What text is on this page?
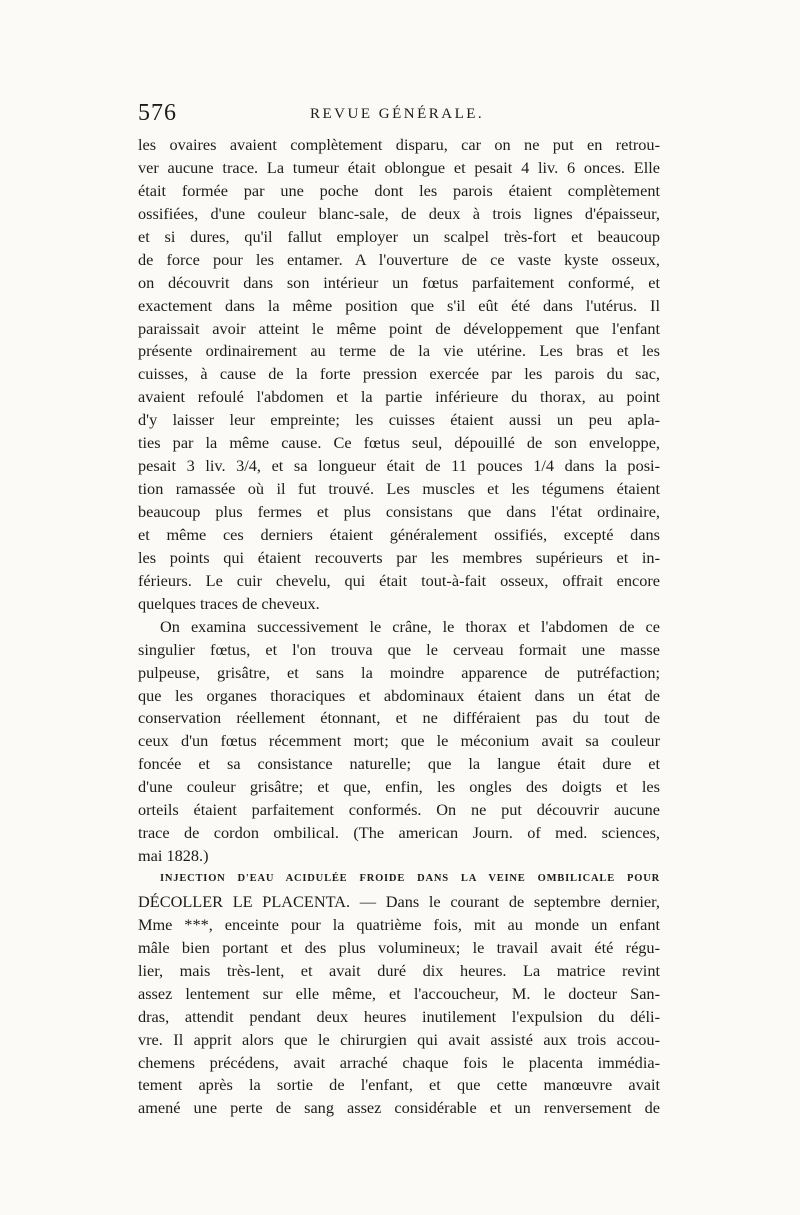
576	REVUE GÉNÉRALE.
les ovaires avaient complètement disparu, car on ne put en retrou-
ver aucune trace. La tumeur était oblongue et pesait 4 liv. 6 onces. Elle
était formée par une poche dont les parois étaient complètement
ossifiées, d'une couleur blanc-sale, de deux à trois lignes d'épaisseur,
et si dures, qu'il fallut employer un scalpel très-fort et beaucoup
de force pour les entamer. A l'ouverture de ce vaste kyste osseux,
on découvrit dans son intérieur un fœtus parfaitement conformé, et
exactement dans la même position que s'il eût été dans l'utérus. Il
paraissait avoir atteint le même point de développement que l'enfant
présente ordinairement au terme de la vie utérine. Les bras et les
cuisses, à cause de la forte pression exercée par les parois du sac,
avaient refoulé l'abdomen et la partie inférieure du thorax, au point
d'y laisser leur empreinte; les cuisses étaient aussi un peu apla-
ties par la même cause. Ce fœtus seul, dépouillé de son enveloppe,
pesait 3 liv. 3/4, et sa longueur était de 11 pouces 1/4 dans la posi-
tion ramassée où il fut trouvé. Les muscles et les tégumens étaient
beaucoup plus fermes et plus consistans que dans l'état ordinaire,
et même ces derniers étaient généralement ossifiés, excepté dans
les points qui étaient recouverts par les membres supérieurs et in-
férieurs. Le cuir chevelu, qui était tout-à-fait osseux, offrait encore
quelques traces de cheveux.
On examina successivement le crâne, le thorax et l'abdomen de ce
singulier fœtus, et l'on trouva que le cerveau formait une masse
pulpeuse, grisâtre, et sans la moindre apparence de putréfaction;
que les organes thoraciques et abdominaux étaient dans un état de
conservation réellement étonnant, et ne différaient pas du tout de
ceux d'un fœtus récemment mort; que le méconium avait sa couleur
foncée et sa consistance naturelle; que la langue était dure et
d'une couleur grisâtre; et que, enfin, les ongles des doigts et les
orteils étaient parfaitement conformés. On ne put découvrir aucune
trace de cordon ombilical. (The american Journ. of med. sciences,
mai 1828.)
INJECTION D'EAU ACIDULÉE FROIDE DANS LA VEINE OMBILICALE POUR
DÉCOLLER LE PLACENTA. — Dans le courant de septembre dernier,
Mme ***, enceinte pour la quatrième fois, mit au monde un enfant
mâle bien portant et des plus volumineux; le travail avait été régu-
lier, mais très-lent, et avait duré dix heures. La matrice revint
assez lentement sur elle même, et l'accoucheur, M. le docteur San-
dras, attendit pendant deux heures inutilement l'expulsion du déli-
vre. Il apprit alors que le chirurgien qui avait assisté aux trois accou-
chemens précédens, avait arraché chaque fois le placenta immédia-
tement après la sortie de l'enfant, et que cette manœuvre avait
amené une perte de sang assez considérable et un renversement de
